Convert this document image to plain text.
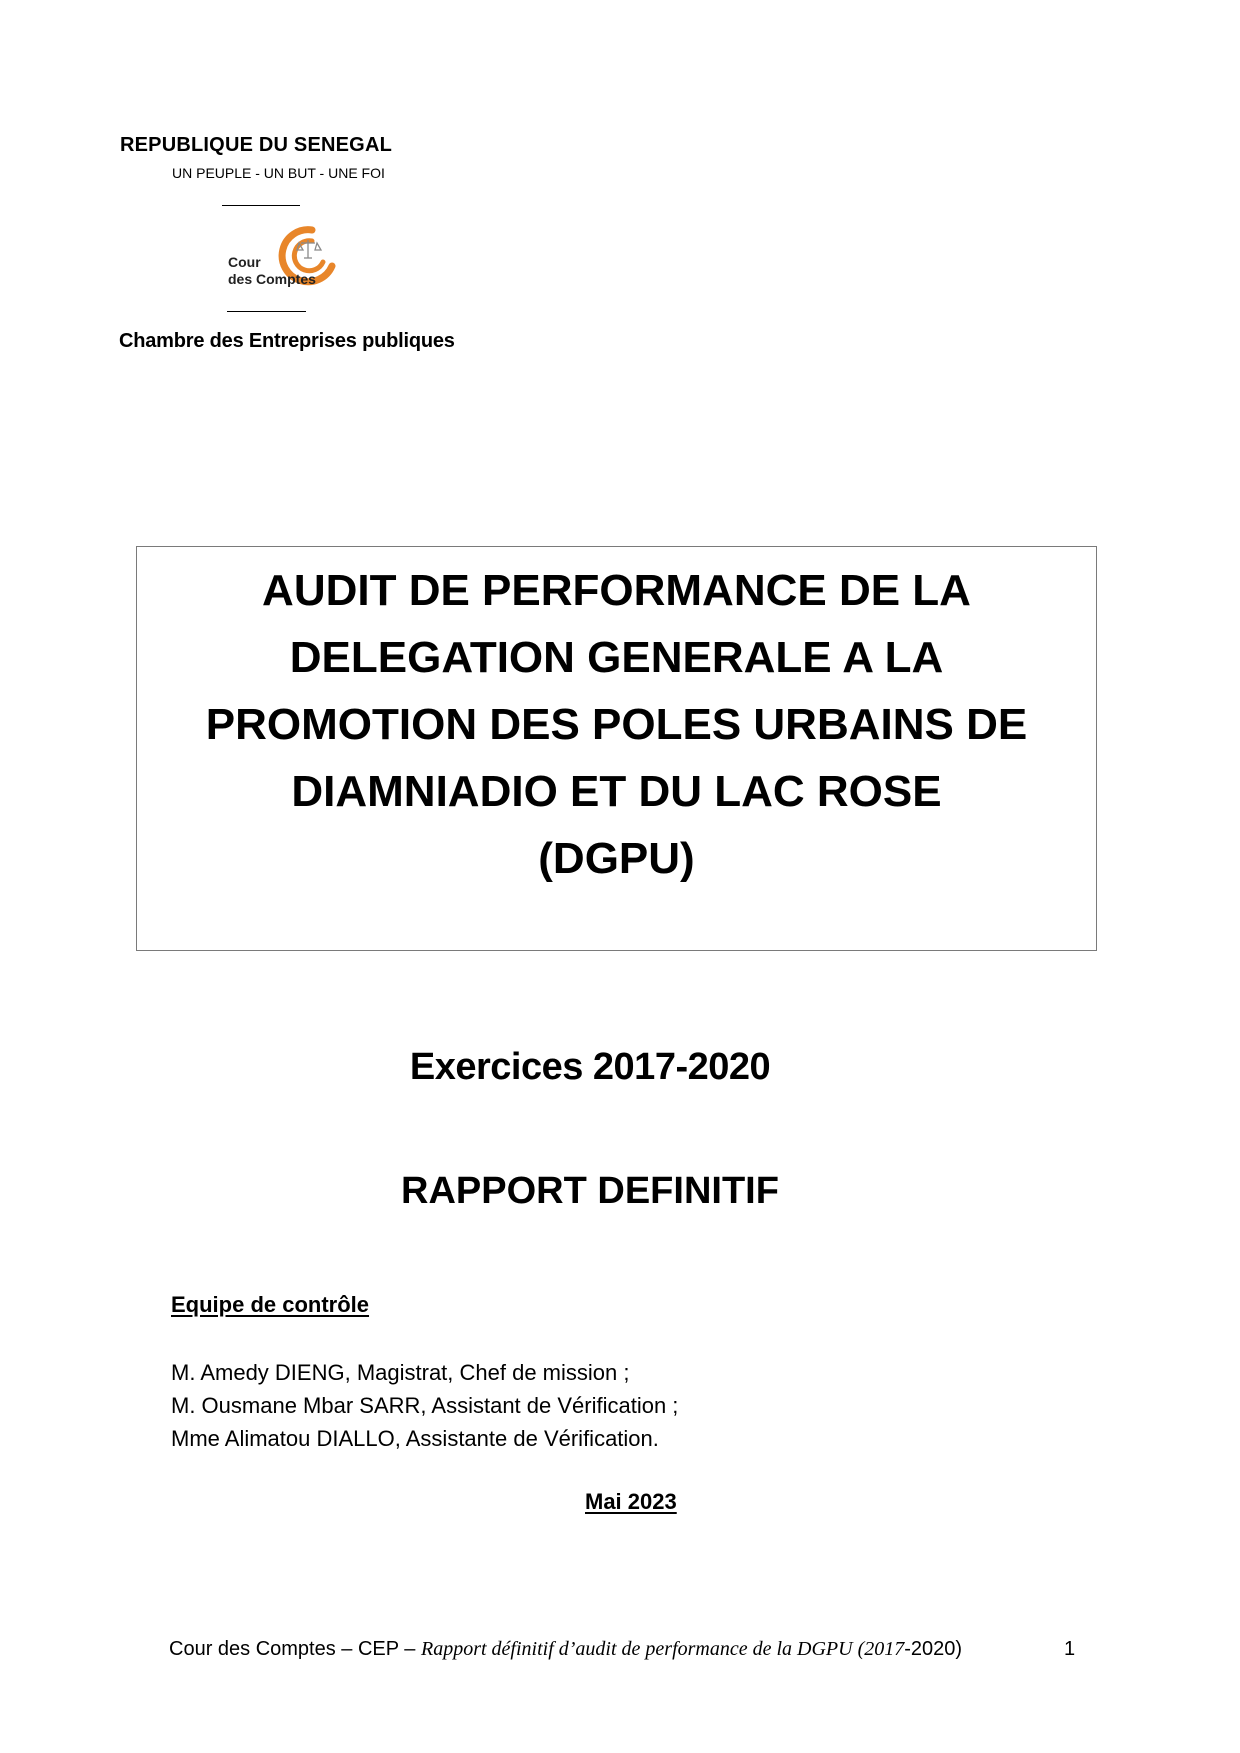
REPUBLIQUE DU SENEGAL
UN PEUPLE - UN BUT - UNE FOI
Cour
des Comptes
Chambre des Entreprises publiques
AUDIT DE PERFORMANCE DE LA
DELEGATION GENERALE A LA
PROMOTION DES POLES URBAINS DE
DIAMNIADIO ET DU LAC ROSE
(DGPU)
Exercices 2017-2020
RAPPORT DEFINITIF
Equipe de contrôle
M. Amedy DIENG, Magistrat, Chef de mission ;
M. Ousmane Mbar SARR, Assistant de Vérification ;
Mme Alimatou DIALLO, Assistante de Vérification.
Mai 2023
Cour des Comptes – CEP – Rapport définitif d’audit de performance de la DGPU (2017-2020)	1
